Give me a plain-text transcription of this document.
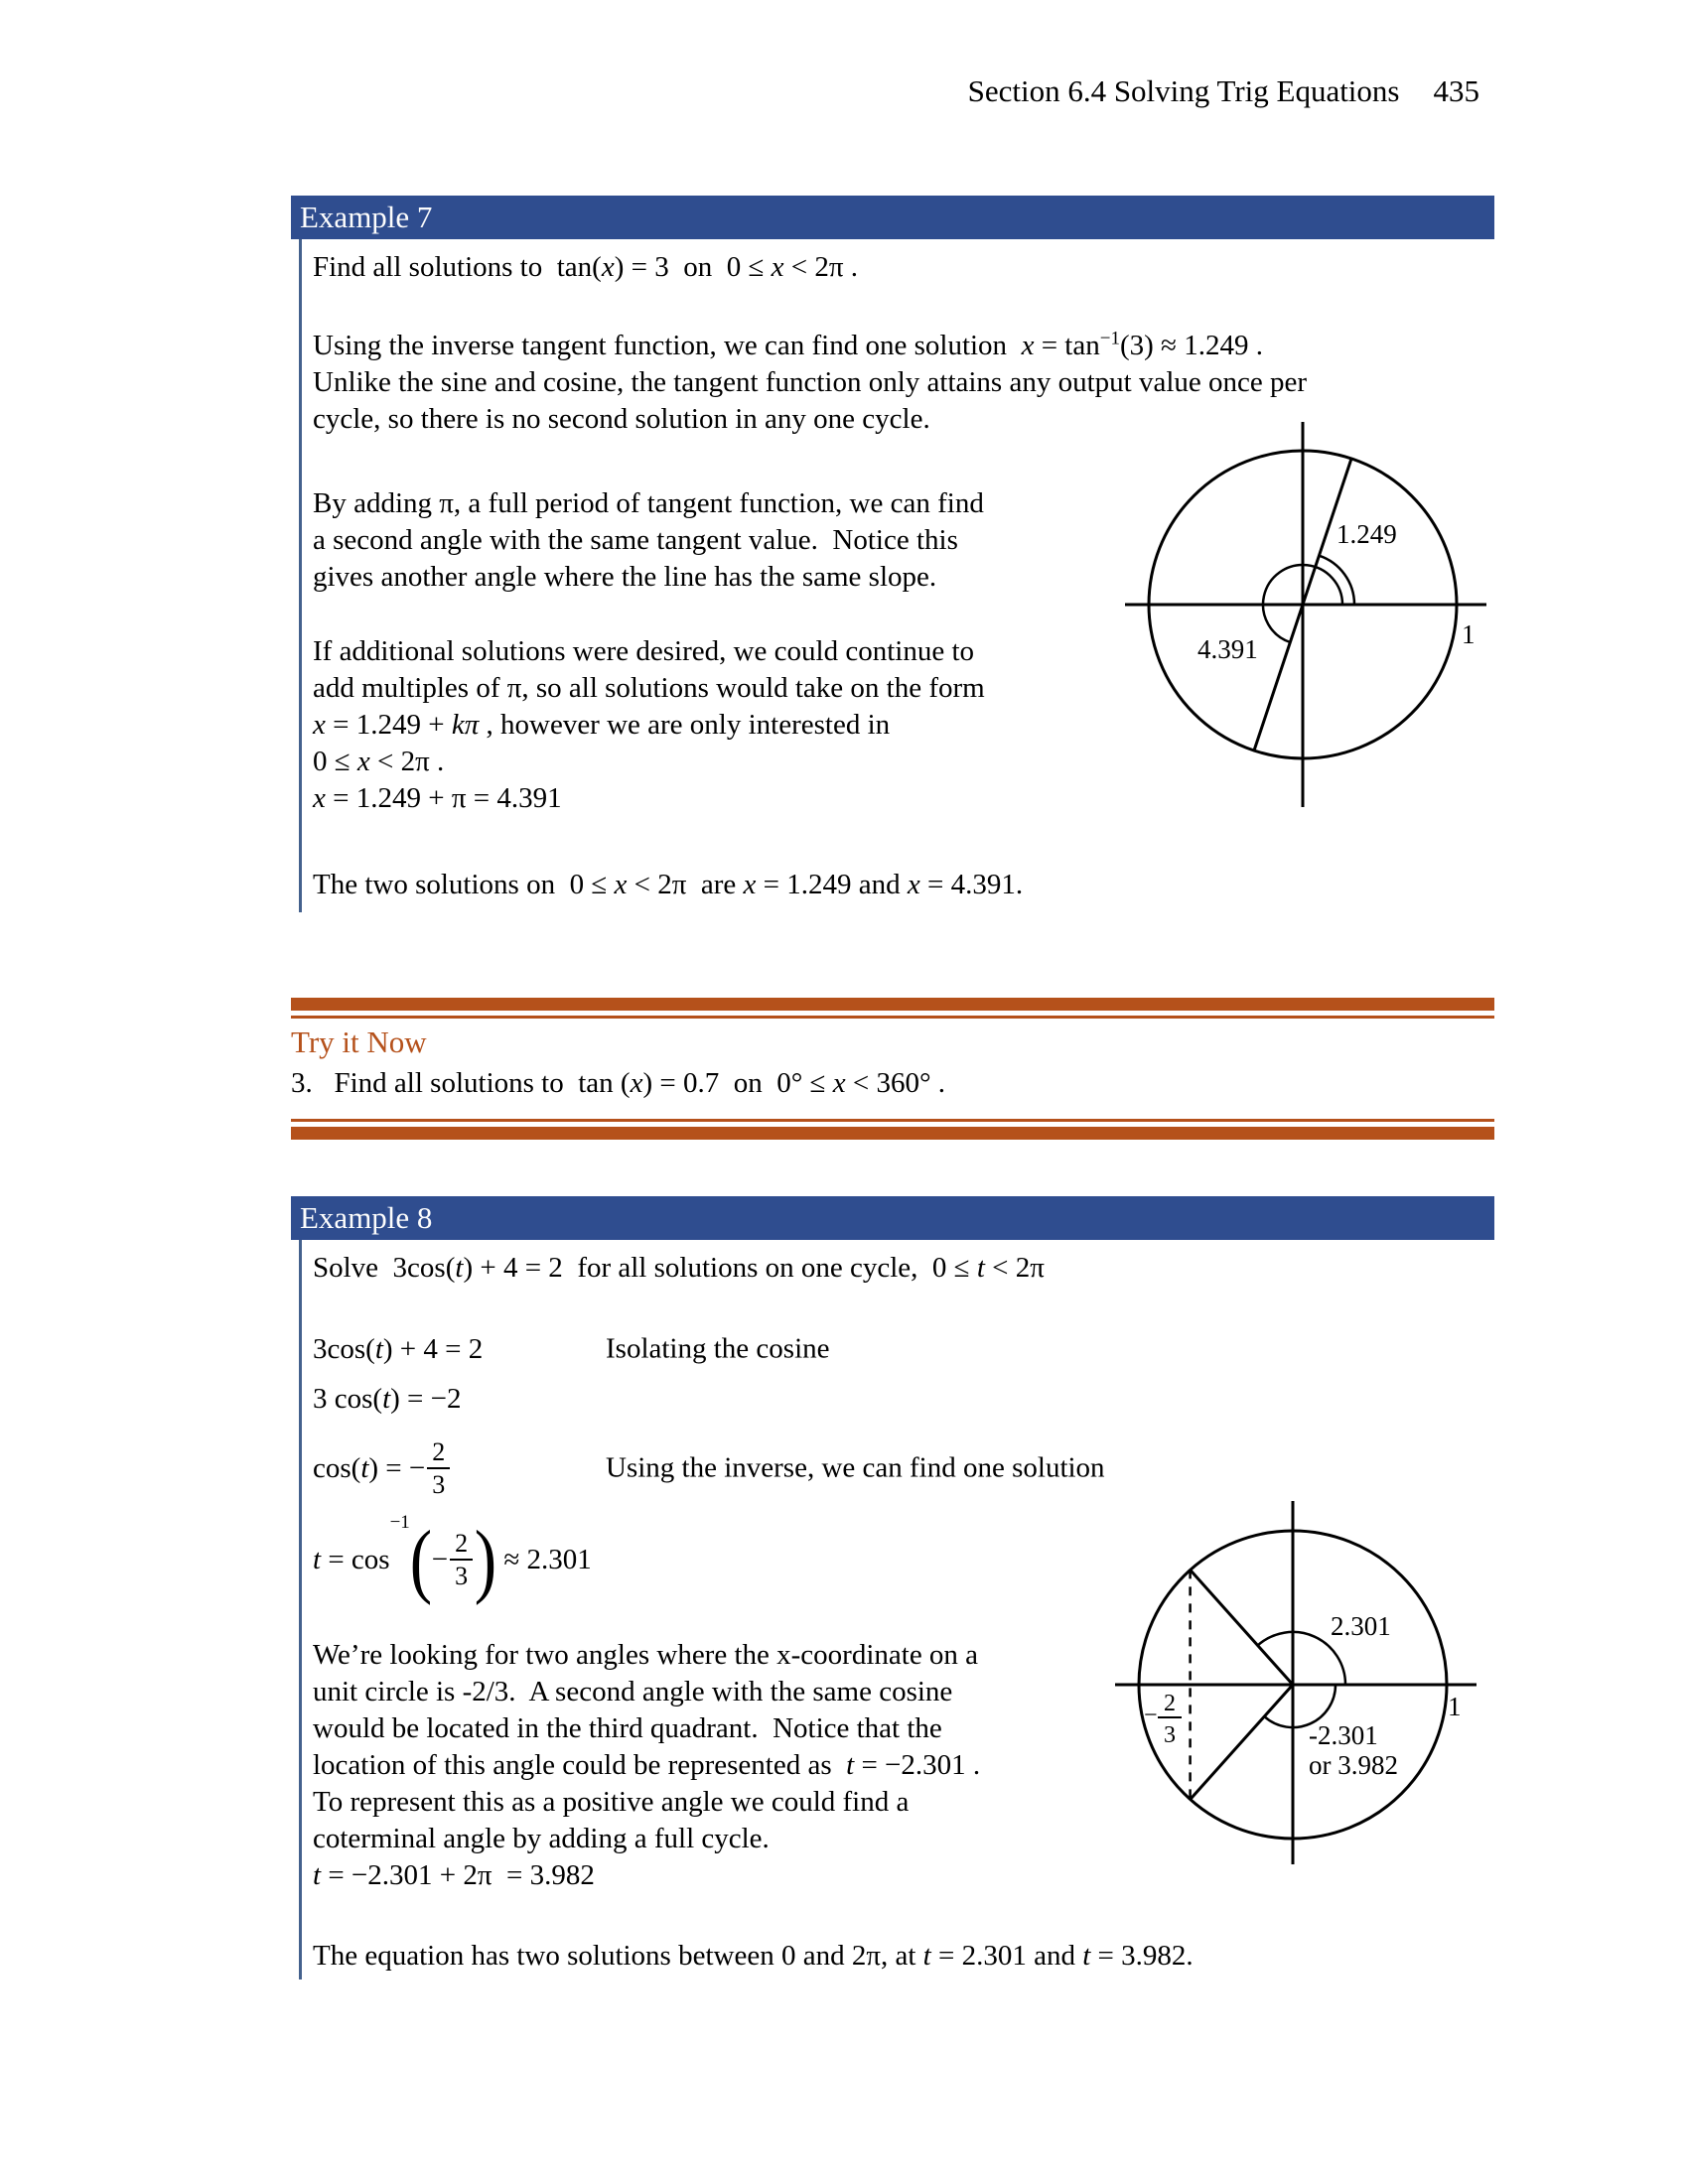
Section 6.4 Solving Trig Equations 435
Example 7
Find all solutions to  tan(x) = 3  on  0 ≤ x < 2π .
Using the inverse tangent function, we can find one solution  $x = \tan^{-1}(3) \approx 1.249$ .
Unlike the sine and cosine, the tangent function only attains any output value once per
cycle, so there is no second solution in any one cycle.
By adding π, a full period of tangent function, we can find
a second angle with the same tangent value.  Notice this
gives another angle where the line has the same slope.
If additional solutions were desired, we could continue to
add multiples of π, so all solutions would take on the form
x = 1.249 + kπ , however we are only interested in
0 ≤ x < 2π .
x = 1.249 + π = 4.391
The two solutions on  0 ≤ x < 2π  are x = 1.249 and x = 4.391.
1.249
4.391	1
Try it Now
3.   Find all solutions to  tan (x) = 0.7  on  0° ≤ x < 360° .
Example 8
Solve  3cos(t) + 4 = 2  for all solutions on one cycle,  0 ≤ t < 2π
3cos( t ) + 4 = 2	Isolating the cosine
3 cos( t ) = −2
cos( t ) = − $\frac{2}{3}$	Using the inverse, we can find one solution
t = cos
−1 ( − $\frac{2}{3}$ ) ≈ 2.301
We’re looking for two angles where the x-coordinate on a
unit circle is -2/3.  A second angle with the same cosine
would be located in the third quadrant.  Notice that the
location of this angle could be represented as  t = −2.301 .
To represent this as a positive angle we could find a
coterminal angle by adding a full cycle.
t = −2.301 + 2π  = 3.982
The equation has two solutions between 0 and 2π, at t = 2.301 and t = 3.982.
2.301
-2.301
or 3.982
1
− 2
3
